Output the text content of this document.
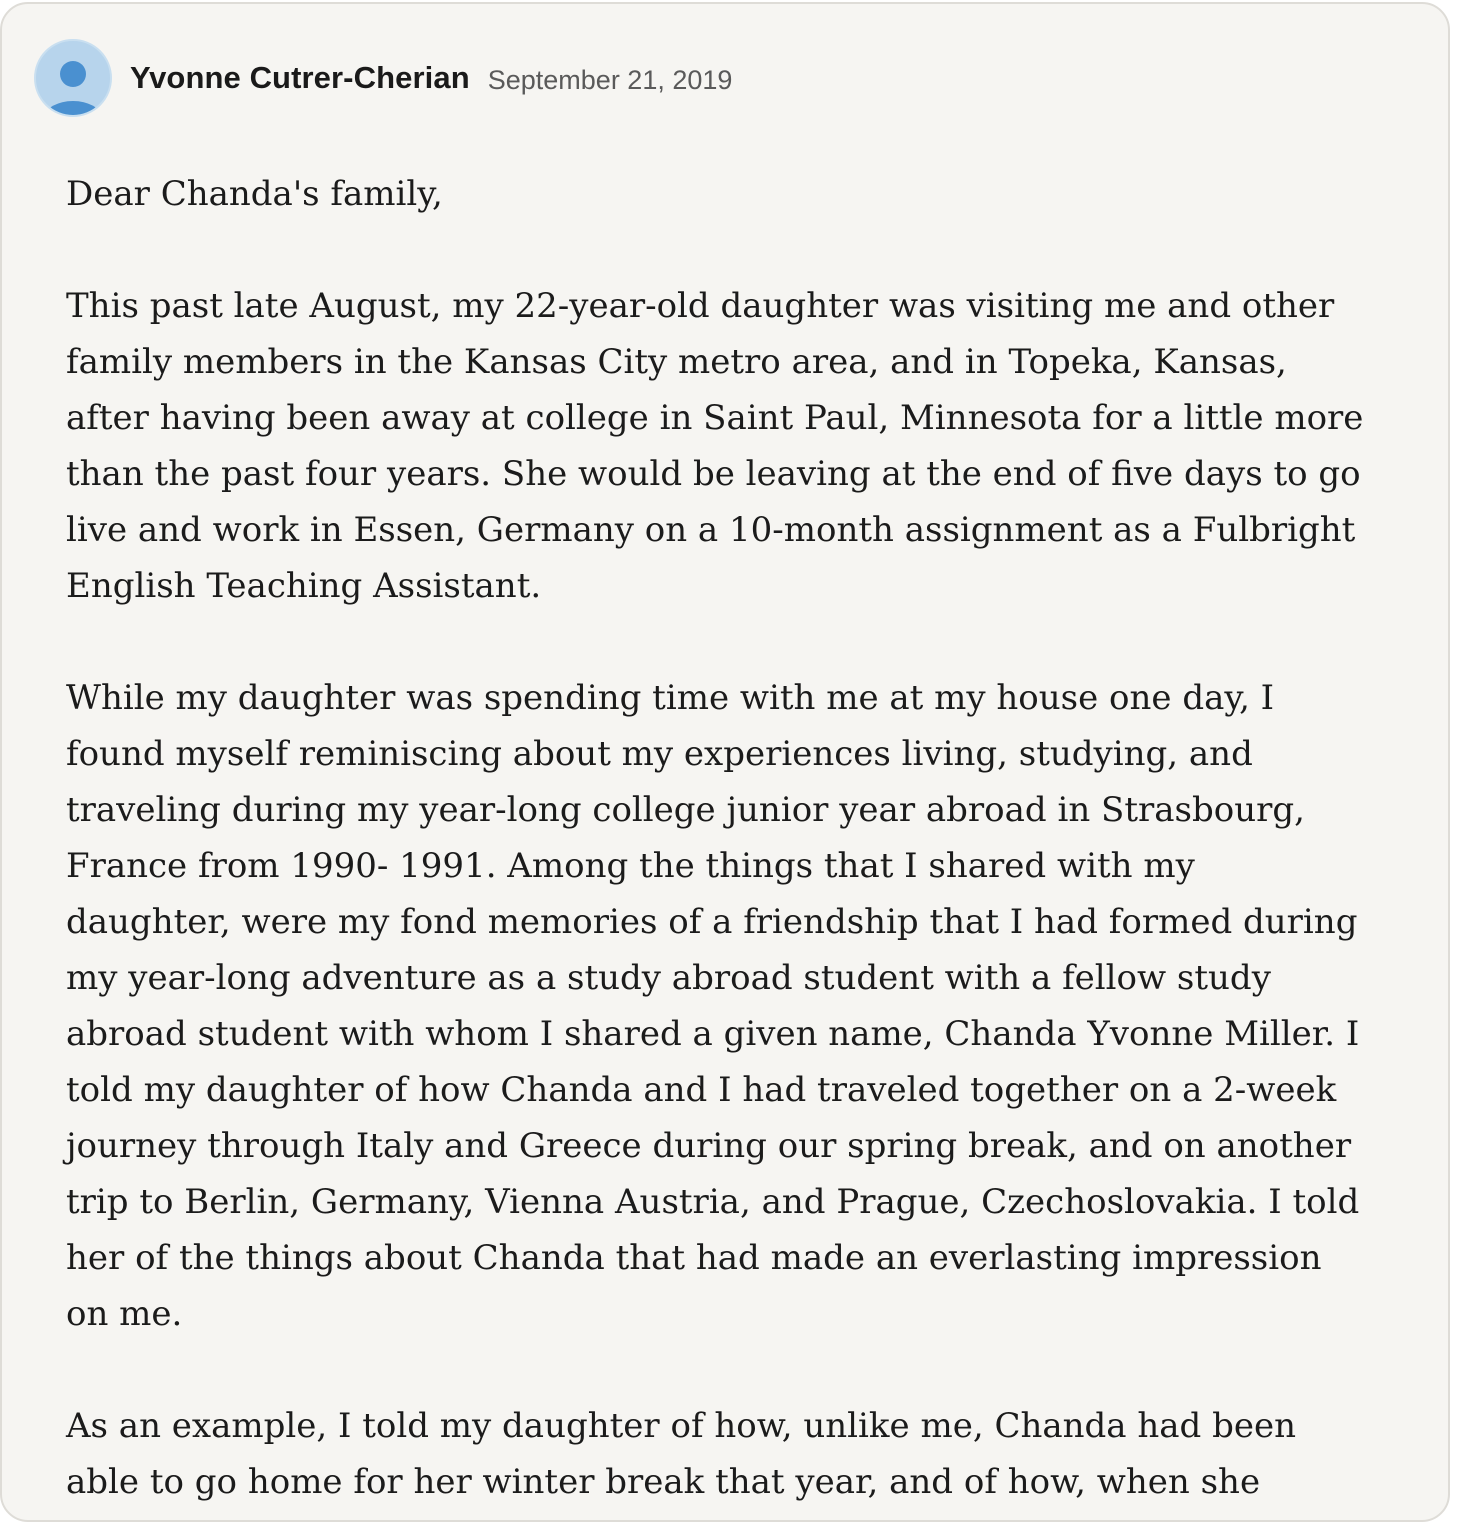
Yvonne Cutrer-Cherian September 21, 2019

Dear Chanda's family,

This past late August, my 22-year-old daughter was visiting me and other
family members in the Kansas City metro area, and in Topeka, Kansas,
after having been away at college in Saint Paul, Minnesota for a little more
than the past four years. She would be leaving at the end of five days to go
live and work in Essen, Germany on a 10-month assignment as a Fulbright
English Teaching Assistant.

While my daughter was spending time with me at my house one day, I
found myself reminiscing about my experiences living, studying, and
traveling during my year-long college junior year abroad in Strasbourg,
France from 1990- 1991. Among the things that I shared with my
daughter, were my fond memories of a friendship that I had formed during
my year-long adventure as a study abroad student with a fellow study
abroad student with whom I shared a given name, Chanda Yvonne Miller. I
told my daughter of how Chanda and I had traveled together on a 2-week
journey through Italy and Greece during our spring break, and on another
trip to Berlin, Germany, Vienna Austria, and Prague, Czechoslovakia. I told
her of the things about Chanda that had made an everlasting impression
on me.

As an example, I told my daughter of how, unlike me, Chanda had been
able to go home for her winter break that year, and of how, when she
